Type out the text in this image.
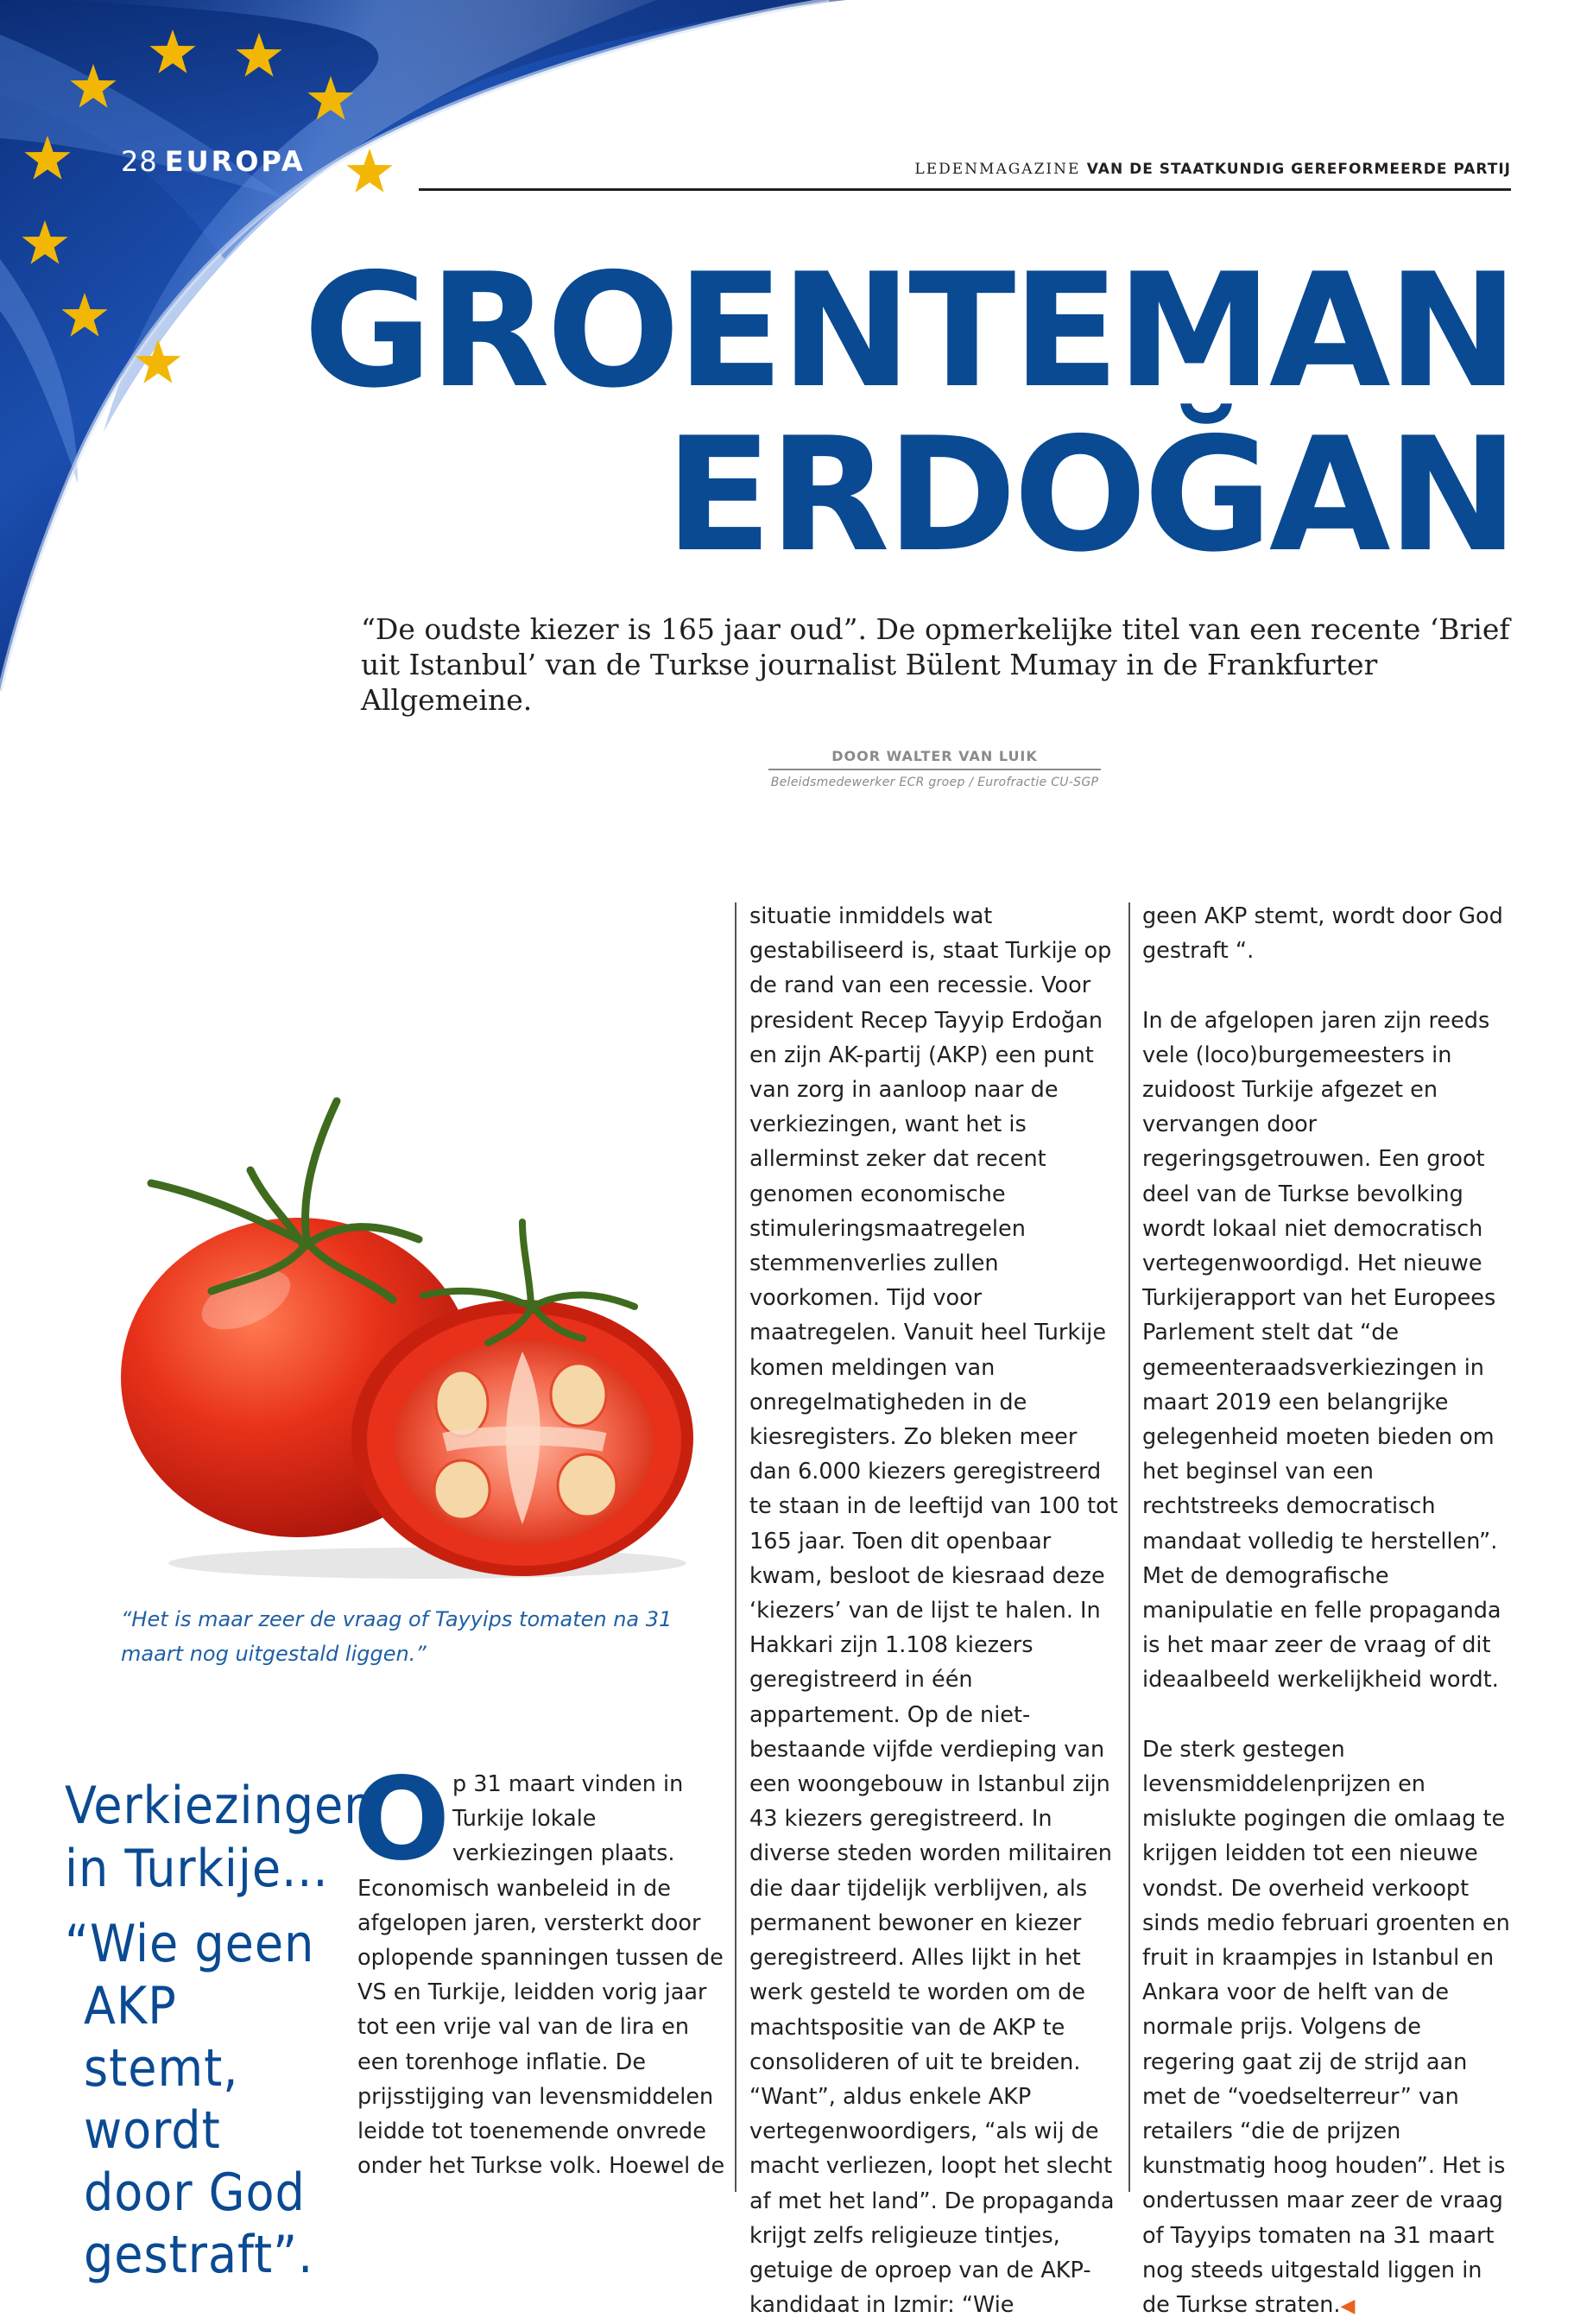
28 EUROPA	LEDENMAGAZINE VAN DE STAATKUNDIG GEREFORMEERDE PARTIJ
GROENTEMAN
ERDOĞAN
“De oudste kiezer is 165 jaar oud”. De opmerkelijke titel van een recente ‘Brief uit Istanbul’ van de Turkse journalist Bülent Mumay in de Frankfurter Allgemeine.
DOOR WALTER VAN LUIK
Beleidsmedewerker ECR groep / Eurofractie CU-SGP
“Het is maar zeer de vraag of Tayyips tomaten na 31 maart nog uitgestald liggen.”
Verkiezingen in Turkije...
“Wie geen AKP stemt, wordt door God gestraft”.
O p 31 maart vinden in Turkije lokale verkiezingen plaats. Economisch wanbeleid in de afgelopen jaren, versterkt door oplopende spanningen tussen de VS en Turkije, leidden vorig jaar tot een vrije val van de lira en een torenhoge inflatie. De prijsstijging van levensmiddelen leidde tot toenemende onvrede onder het Turkse volk. Hoewel de

situatie inmiddels wat gestabiliseerd is, staat Turkije op de rand van een recessie. Voor president Recep Tayyip Erdoğan en zijn AK-partij (AKP) een punt van zorg in aanloop naar de verkiezingen, want het is allerminst zeker dat recent genomen economische stimuleringsmaatregelen stemmenverlies zullen voorkomen. Tijd voor maatregelen. Vanuit heel Turkije komen meldingen van onregelmatigheden in de kiesregisters. Zo bleken meer dan 6.000 kiezers geregistreerd te staan in de leeftijd van 100 tot 165 jaar. Toen dit openbaar kwam, besloot de kiesraad deze ‘kiezers’ van de lijst te halen. In Hakkari zijn 1.108 kiezers geregistreerd in één appartement. Op de niet-bestaande vijfde verdieping van een woongebouw in Istanbul zijn 43 kiezers geregistreerd. In diverse steden worden militairen die daar tijdelijk verblijven, als permanent bewoner en kiezer geregistreerd. Alles lijkt in het werk gesteld te worden om de machtspositie van de AKP te consolideren of uit te breiden. “Want”, aldus enkele AKP vertegenwoordigers, “als wij de macht verliezen, loopt het slecht af met het land”. De propaganda krijgt zelfs religieuze tintjes, getuige de oproep van de AKP-kandidaat in Izmir: “Wie

geen AKP stemt, wordt door God gestraft “.

In de afgelopen jaren zijn reeds vele (loco)burgemeesters in zuidoost Turkije afgezet en vervangen door regeringsgetrouwen. Een groot deel van de Turkse bevolking wordt lokaal niet democratisch vertegenwoordigd. Het nieuwe Turkijerapport van het Europees Parlement stelt dat “de gemeenteraadsverkiezingen in maart 2019 een belangrijke gelegenheid moeten bieden om het beginsel van een rechtstreeks democratisch mandaat volledig te herstellen”. Met de demografische manipulatie en felle propaganda is het maar zeer de vraag of dit ideaalbeeld werkelijkheid wordt.

De sterk gestegen levensmiddelenprijzen en mislukte pogingen die omlaag te krijgen leidden tot een nieuwe vondst. De overheid verkoopt sinds medio februari groenten en fruit in kraampjes in Istanbul en Ankara voor de helft van de normale prijs. Volgens de regering gaat zij de strijd aan met de “voedselterreur” van retailers “die de prijzen kunstmatig hoog houden”. Het is ondertussen maar zeer de vraag of Tayyips tomaten na 31 maart nog steeds uitgestald liggen in de Turkse straten.◀
